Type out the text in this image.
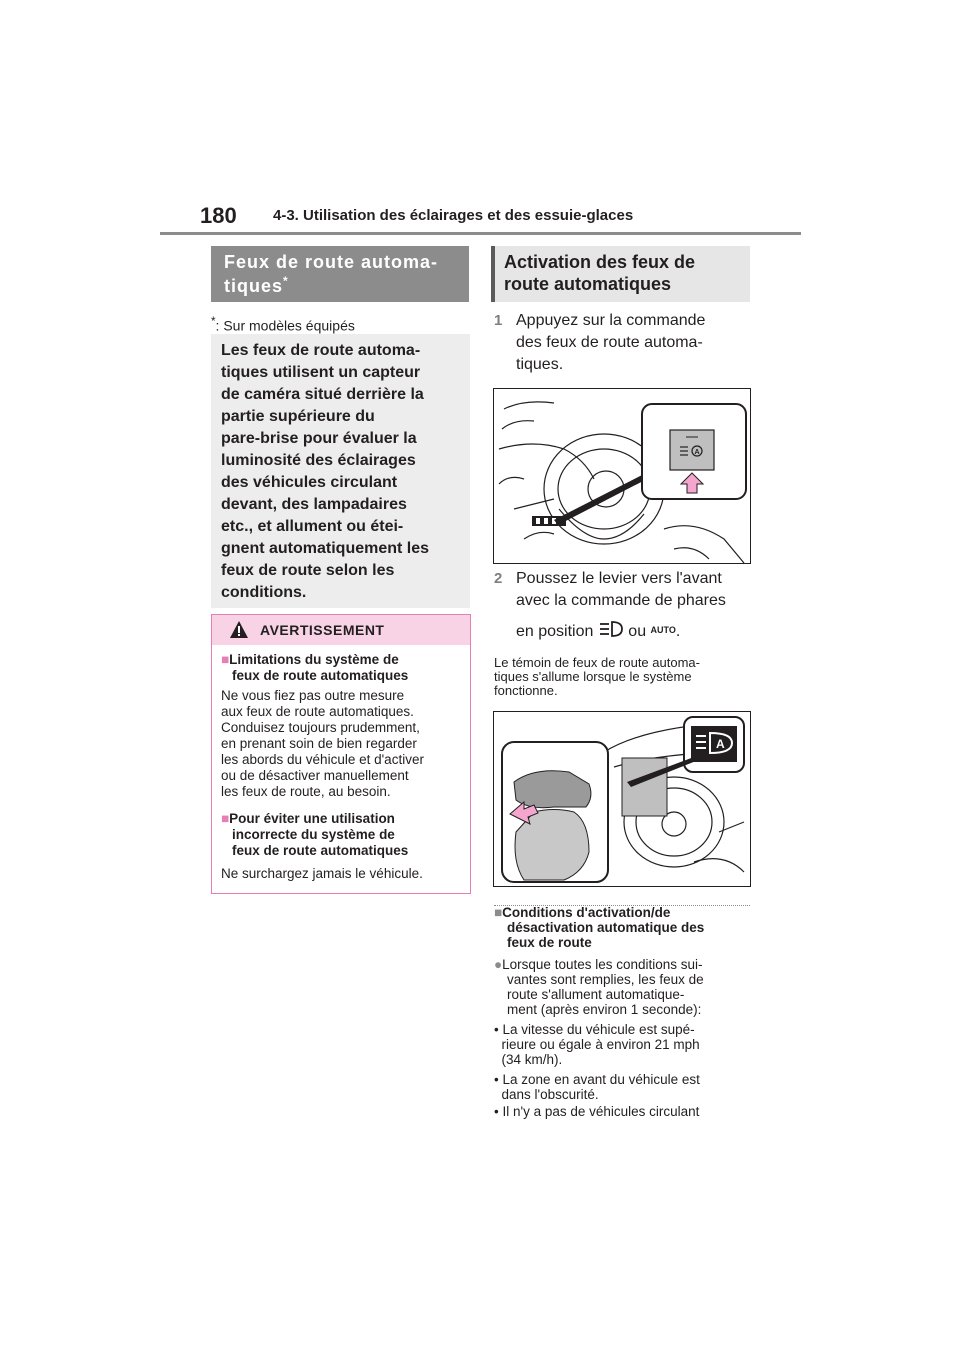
180 4-3. Utilisation des éclairages et des essuie-glaces
Feux de route automa-
tiques*
*: Sur modèles équipés
Les feux de route automa-
tiques utilisent un capteur
de caméra situé derrière la
partie supérieure du
pare-brise pour évaluer la
luminosité des éclairages
des véhicules circulant
devant, des lampadaires
etc., et allument ou étei-
gnent automatiquement les
feux de route selon les
conditions.
AVERTISSEMENT
■Limitations du système de
feux de route automatiques
Ne vous fiez pas outre mesure
aux feux de route automatiques.
Conduisez toujours prudemment,
en prenant soin de bien regarder
les abords du véhicule et d'activer
ou de désactiver manuellement
les feux de route, au besoin.
■Pour éviter une utilisation
incorrecte du système de
feux de route automatiques
Ne surchargez jamais le véhicule.
Activation des feux de
route automatiques
1 Appuyez sur la commande
des feux de route automa-
tiques.
A
2 Poussez le levier vers l'avant
avec la commande de phares
en position ou AUTO.
Le témoin de feux de route automa-
tiques s'allume lorsque le système
fonctionne.
A
■Conditions d'activation/de
désactivation automatique des
feux de route
●Lorsque toutes les conditions sui-
vantes sont remplies, les feux de
route s'allument automatique-
ment (après environ 1 seconde):
• La vitesse du véhicule est supé-
rieure ou égale à environ 21 mph
(34 km/h).
• La zone en avant du véhicule est
dans l'obscurité.
• Il n'y a pas de véhicules circulant
